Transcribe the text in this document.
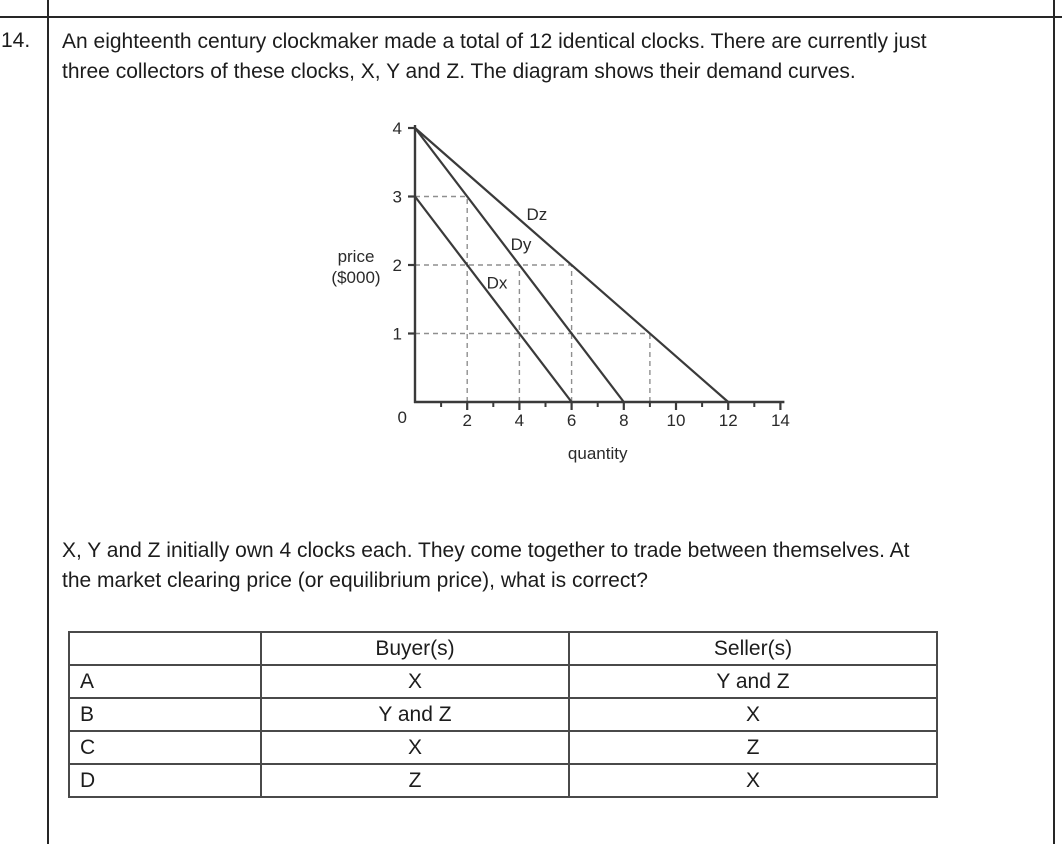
14. An eighteenth century clockmaker made a total of 12 identical clocks. There are currently just
three collectors of these clocks, X, Y and Z. The diagram shows their demand curves.
2	4	6	8 10 12 14
1
2
3
4
0
Dx
Dy
Dz
quantity
price
($000)
X, Y and Z initially own 4 clocks each. They come together to trade between themselves. At
the market clearing price (or equilibrium price), what is correct?
	Buyer(s)	Seller(s)
A	X	Y and Z
B	Y and Z	X
C	X	Z
D	Z	X
